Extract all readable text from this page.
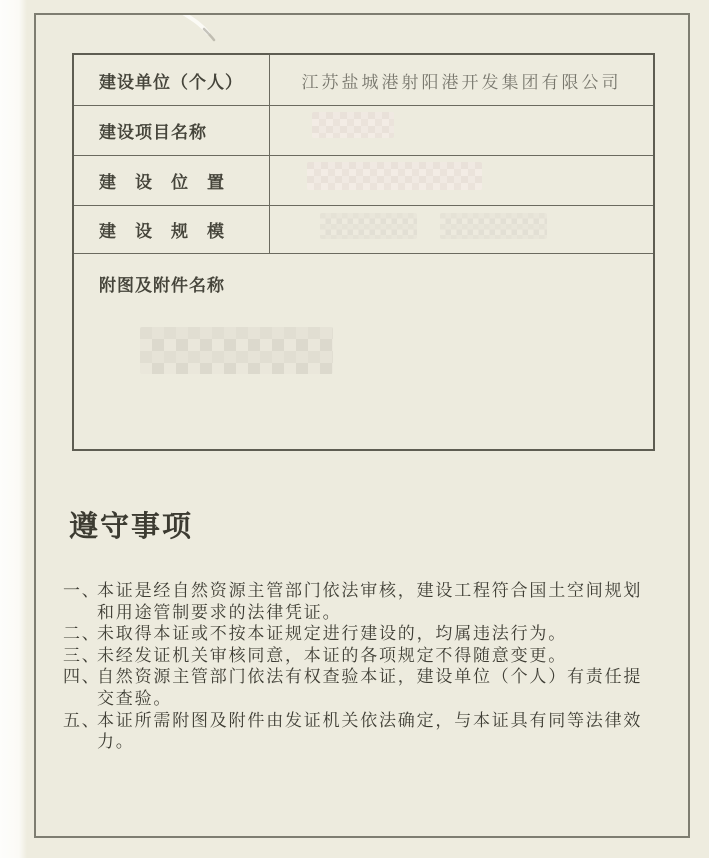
建设单位（个人）	江苏盐城港射阳港开发集团有限公司
建设项目名称
建　设　位　置
建　设　规　模
附图及附件名称
遵守事项
一、
本证是经自然资源主管部门依法审核，建设工程符合国土空间规划和用途管制要求的法律凭证。
二、
未取得本证或不按本证规定进行建设的，均属违法行为。
三、
未经发证机关审核同意，本证的各项规定不得随意变更。
四、
自然资源主管部门依法有权查验本证，建设单位（个人）有责任提交查验。
五、
本证所需附图及附件由发证机关依法确定，与本证具有同等法律效力。
